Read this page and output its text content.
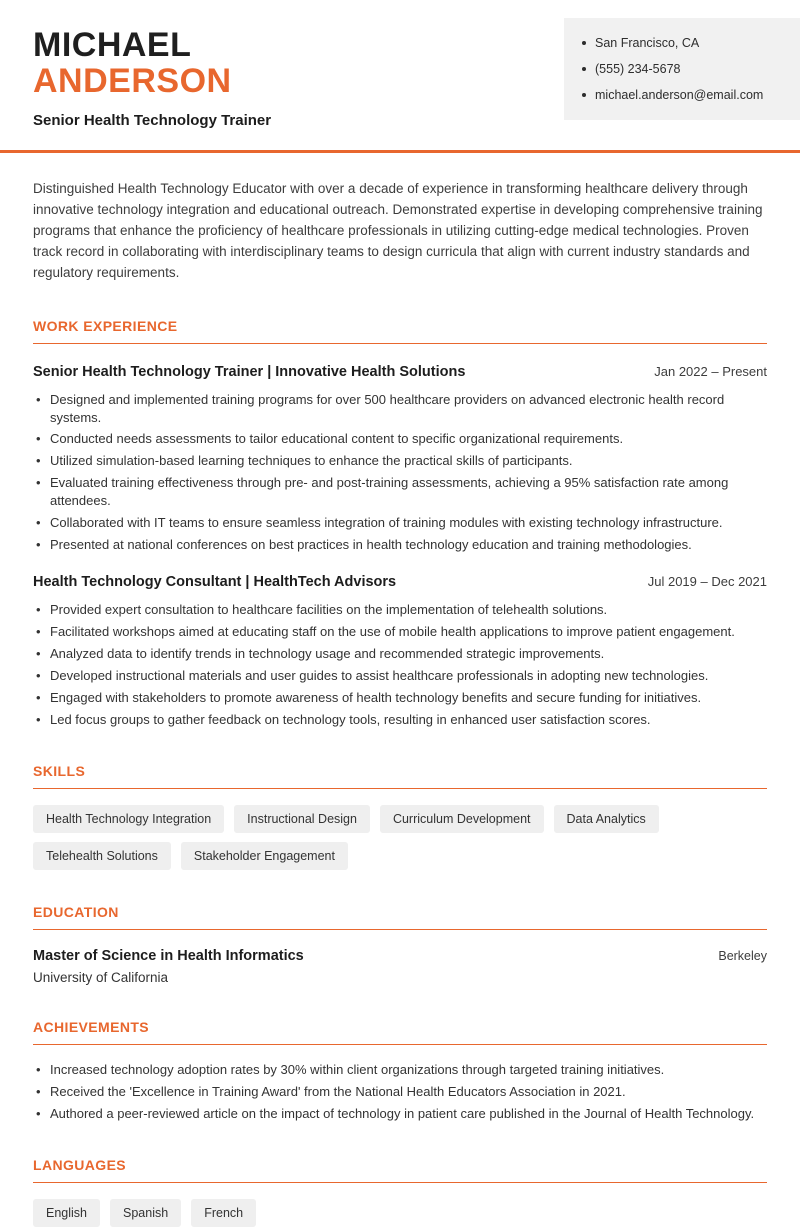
MICHAEL
ANDERSON
Senior Health Technology Trainer
San Francisco, CA
(555) 234-5678
michael.anderson@email.com

Distinguished Health Technology Educator with over a decade of experience in transforming healthcare delivery through innovative technology integration and educational outreach. Demonstrated expertise in developing comprehensive training programs that enhance the proficiency of healthcare professionals in utilizing cutting-edge medical technologies. Proven track record in collaborating with interdisciplinary teams to design curricula that align with current industry standards and regulatory requirements.

WORK EXPERIENCE
Senior Health Technology Trainer | Innovative Health Solutions	Jan 2022 – Present
• Designed and implemented training programs for over 500 healthcare providers on advanced electronic health record systems.
• Conducted needs assessments to tailor educational content to specific organizational requirements.
• Utilized simulation-based learning techniques to enhance the practical skills of participants.
• Evaluated training effectiveness through pre- and post-training assessments, achieving a 95% satisfaction rate among attendees.
• Collaborated with IT teams to ensure seamless integration of training modules with existing technology infrastructure.
• Presented at national conferences on best practices in health technology education and training methodologies.
Health Technology Consultant | HealthTech Advisors	Jul 2019 – Dec 2021
• Provided expert consultation to healthcare facilities on the implementation of telehealth solutions.
• Facilitated workshops aimed at educating staff on the use of mobile health applications to improve patient engagement.
• Analyzed data to identify trends in technology usage and recommended strategic improvements.
• Developed instructional materials and user guides to assist healthcare professionals in adopting new technologies.
• Engaged with stakeholders to promote awareness of health technology benefits and secure funding for initiatives.
• Led focus groups to gather feedback on technology tools, resulting in enhanced user satisfaction scores.
SKILLS
Health Technology Integration	Instructional Design	Curriculum Development	Data Analytics
Telehealth Solutions	Stakeholder Engagement
EDUCATION
Master of Science in Health Informatics	Berkeley
University of California
ACHIEVEMENTS
• Increased technology adoption rates by 30% within client organizations through targeted training initiatives.
• Received the 'Excellence in Training Award' from the National Health Educators Association in 2021.
• Authored a peer-reviewed article on the impact of technology in patient care published in the Journal of Health Technology.
LANGUAGES
English	Spanish	French
